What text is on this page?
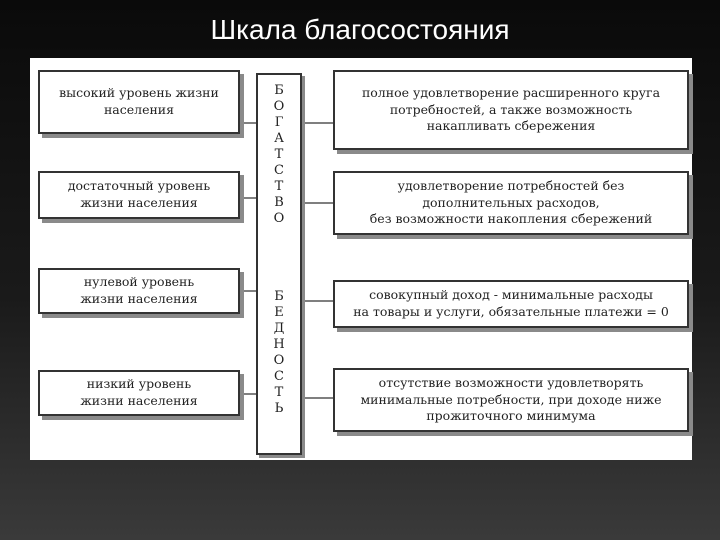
Шкала благосостояния
высокий уровень жизни
населения
достаточный уровень
жизни населения
нулевой уровень
жизни населения
низкий уровень
жизни населения
Б
О
Г
А
Т
С
Т
В
О
Б
Е
Д
Н
О
С
Т
Ь
полное удовлетворение расширенного круга
потребностей, а также возможность
накапливать сбережения
удовлетворение потребностей без
дополнительных расходов,
без возможности накопления сбережений
совокупный доход - минимальные расходы
на товары и услуги, обязательные платежи = 0
отсутствие возможности удовлетворять
минимальные потребности, при доходе ниже
прожиточного минимума
